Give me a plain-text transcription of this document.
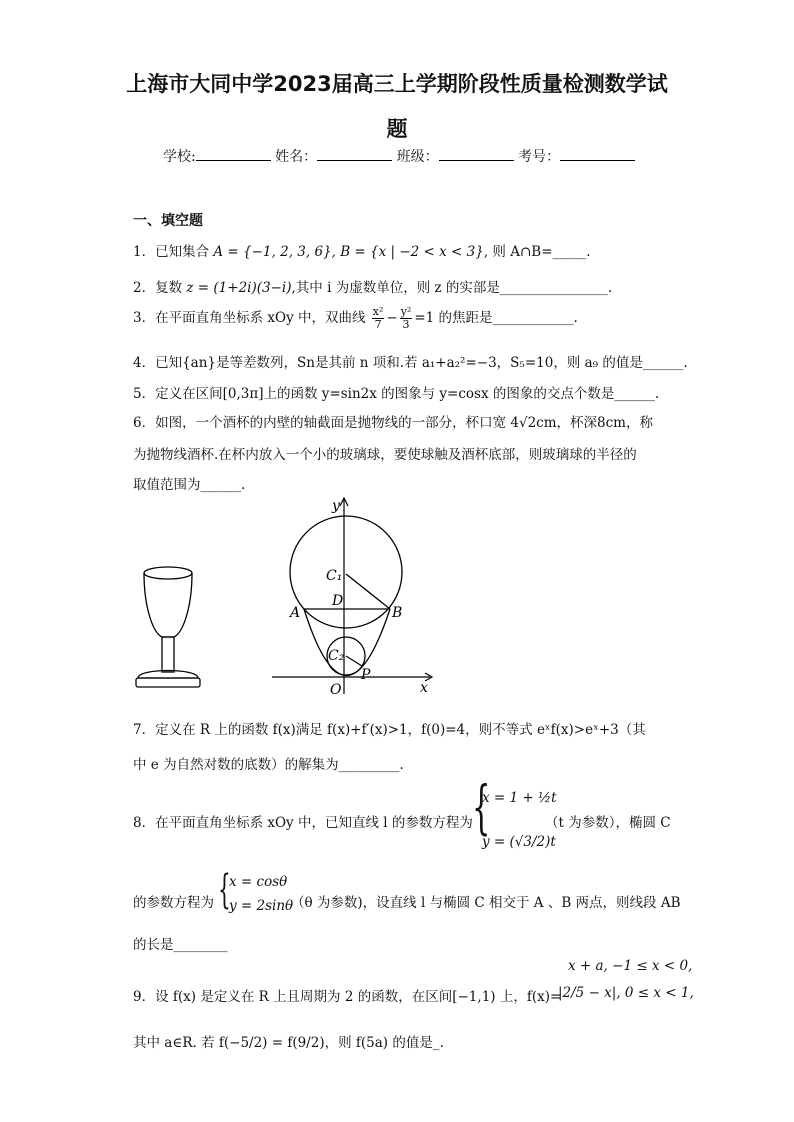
上海市大同中学2023届高三上学期阶段性质量检测数学试
题
学校:	姓名：	班级：	考号：
一、填空题
1．已知集合 A = {−1, 2, 3, 6}, B = {x | −2 < x < 3}, 则 A∩B=_____.
2．复数 z = (1+2i)(3−i),其中 i 为虚数单位，则 z 的实部是________________.
3．在平面直角坐标系 xOy 中，双曲线 $\frac{\text{x²}}{7} - \frac{\text{y²}}{3} =1$ 的焦距是____________.
4．已知{an}是等差数列，Sn是其前 n 项和.若 a₁+a₂²=−3，S₅=10，则 a₉ 的值是______.
5．定义在区间[0,3π]上的函数 y=sin2x 的图象与 y=cosx 的图象的交点个数是______.
6．如图，一个酒杯的内壁的轴截面是抛物线的一部分，杯口宽 4√2cm，杯深8cm，称
为抛物线酒杯.在杯内放入一个小的玻璃球，要使球触及酒杯底部，则玻璃球的半径的
取值范围为______.
y
x
O
C₁
C₂
A	B
D
P
7．定义在 R 上的函数 f(x)满足 f(x)+f′(x)>1，f(0)=4，则不等式 eˣf(x)>eˣ+3（其
中 e 为自然对数的底数）的解集为_________.
8．在平面直角坐标系 xOy 中，已知直线 l 的参数方程为 {
x = 1 + ½t
y = (√3/2)t
（t 为参数），椭圆 C
的参数方程为 {
x = cosθ
y = 2sinθ
（θ 为参数)，设直线 l 与椭圆 C 相交于 A 、B 两点，则线段 AB
的长是________
x + a, −1 ≤ x < 0,
9．设 f(x) 是定义在 R 上且周期为 2 的函数，在区间[−1,1) 上，f(x)=
|2/5 − x|, 0 ≤ x < 1,
其中 a∈R. 若 f(−5/2) = f(9/2)，则 f(5a) 的值是_.
